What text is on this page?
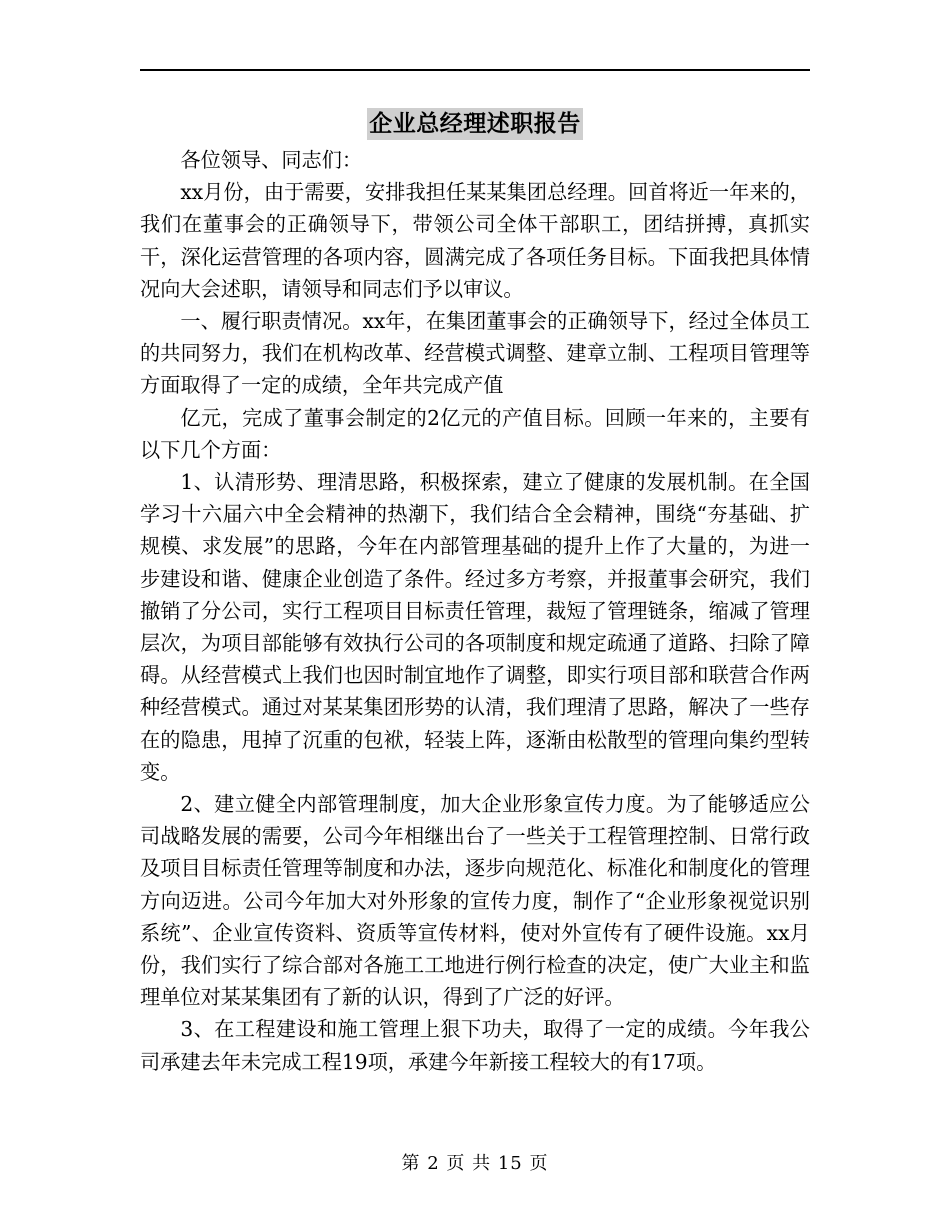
企业总经理述职报告

各位领导、同志们：

xx月份，由于需要，安排我担任某某集团总经理。回首将近一年来的，我们在董事会的正确领导下，带领公司全体干部职工，团结拼搏，真抓实干，深化运营管理的各项内容，圆满完成了各项任务目标。下面我把具体情况向大会述职，请领导和同志们予以审议。

一、履行职责情况。xx年，在集团董事会的正确领导下，经过全体员工的共同努力，我们在机构改革、经营模式调整、建章立制、工程项目管理等方面取得了一定的成绩，全年共完成产值

亿元，完成了董事会制定的2亿元的产值目标。回顾一年来的，主要有以下几个方面：

1、认清形势、理清思路，积极探索，建立了健康的发展机制。在全国学习十六届六中全会精神的热潮下，我们结合全会精神，围绕“夯基础、扩规模、求发展”的思路，今年在内部管理基础的提升上作了大量的，为进一步建设和谐、健康企业创造了条件。经过多方考察，并报董事会研究，我们撤销了分公司，实行工程项目目标责任管理，裁短了管理链条，缩减了管理层次，为项目部能够有效执行公司的各项制度和规定疏通了道路、扫除了障碍。从经营模式上我们也因时制宜地作了调整，即实行项目部和联营合作两种经营模式。通过对某某集团形势的认清，我们理清了思路，解决了一些存在的隐患，甩掉了沉重的包袱，轻装上阵，逐渐由松散型的管理向集约型转变。

2、建立健全内部管理制度，加大企业形象宣传力度。为了能够适应公司战略发展的需要，公司今年相继出台了一些关于工程管理控制、日常行政及项目目标责任管理等制度和办法，逐步向规范化、标准化和制度化的管理方向迈进。公司今年加大对外形象的宣传力度，制作了“企业形象视觉识别系统”、企业宣传资料、资质等宣传材料，使对外宣传有了硬件设施。xx月份，我们实行了综合部对各施工工地进行例行检查的决定，使广大业主和监理单位对某某集团有了新的认识，得到了广泛的好评。

3、在工程建设和施工管理上狠下功夫，取得了一定的成绩。今年我公司承建去年未完成工程19项，承建今年新接工程较大的有17项。

第 2 页 共 15 页
